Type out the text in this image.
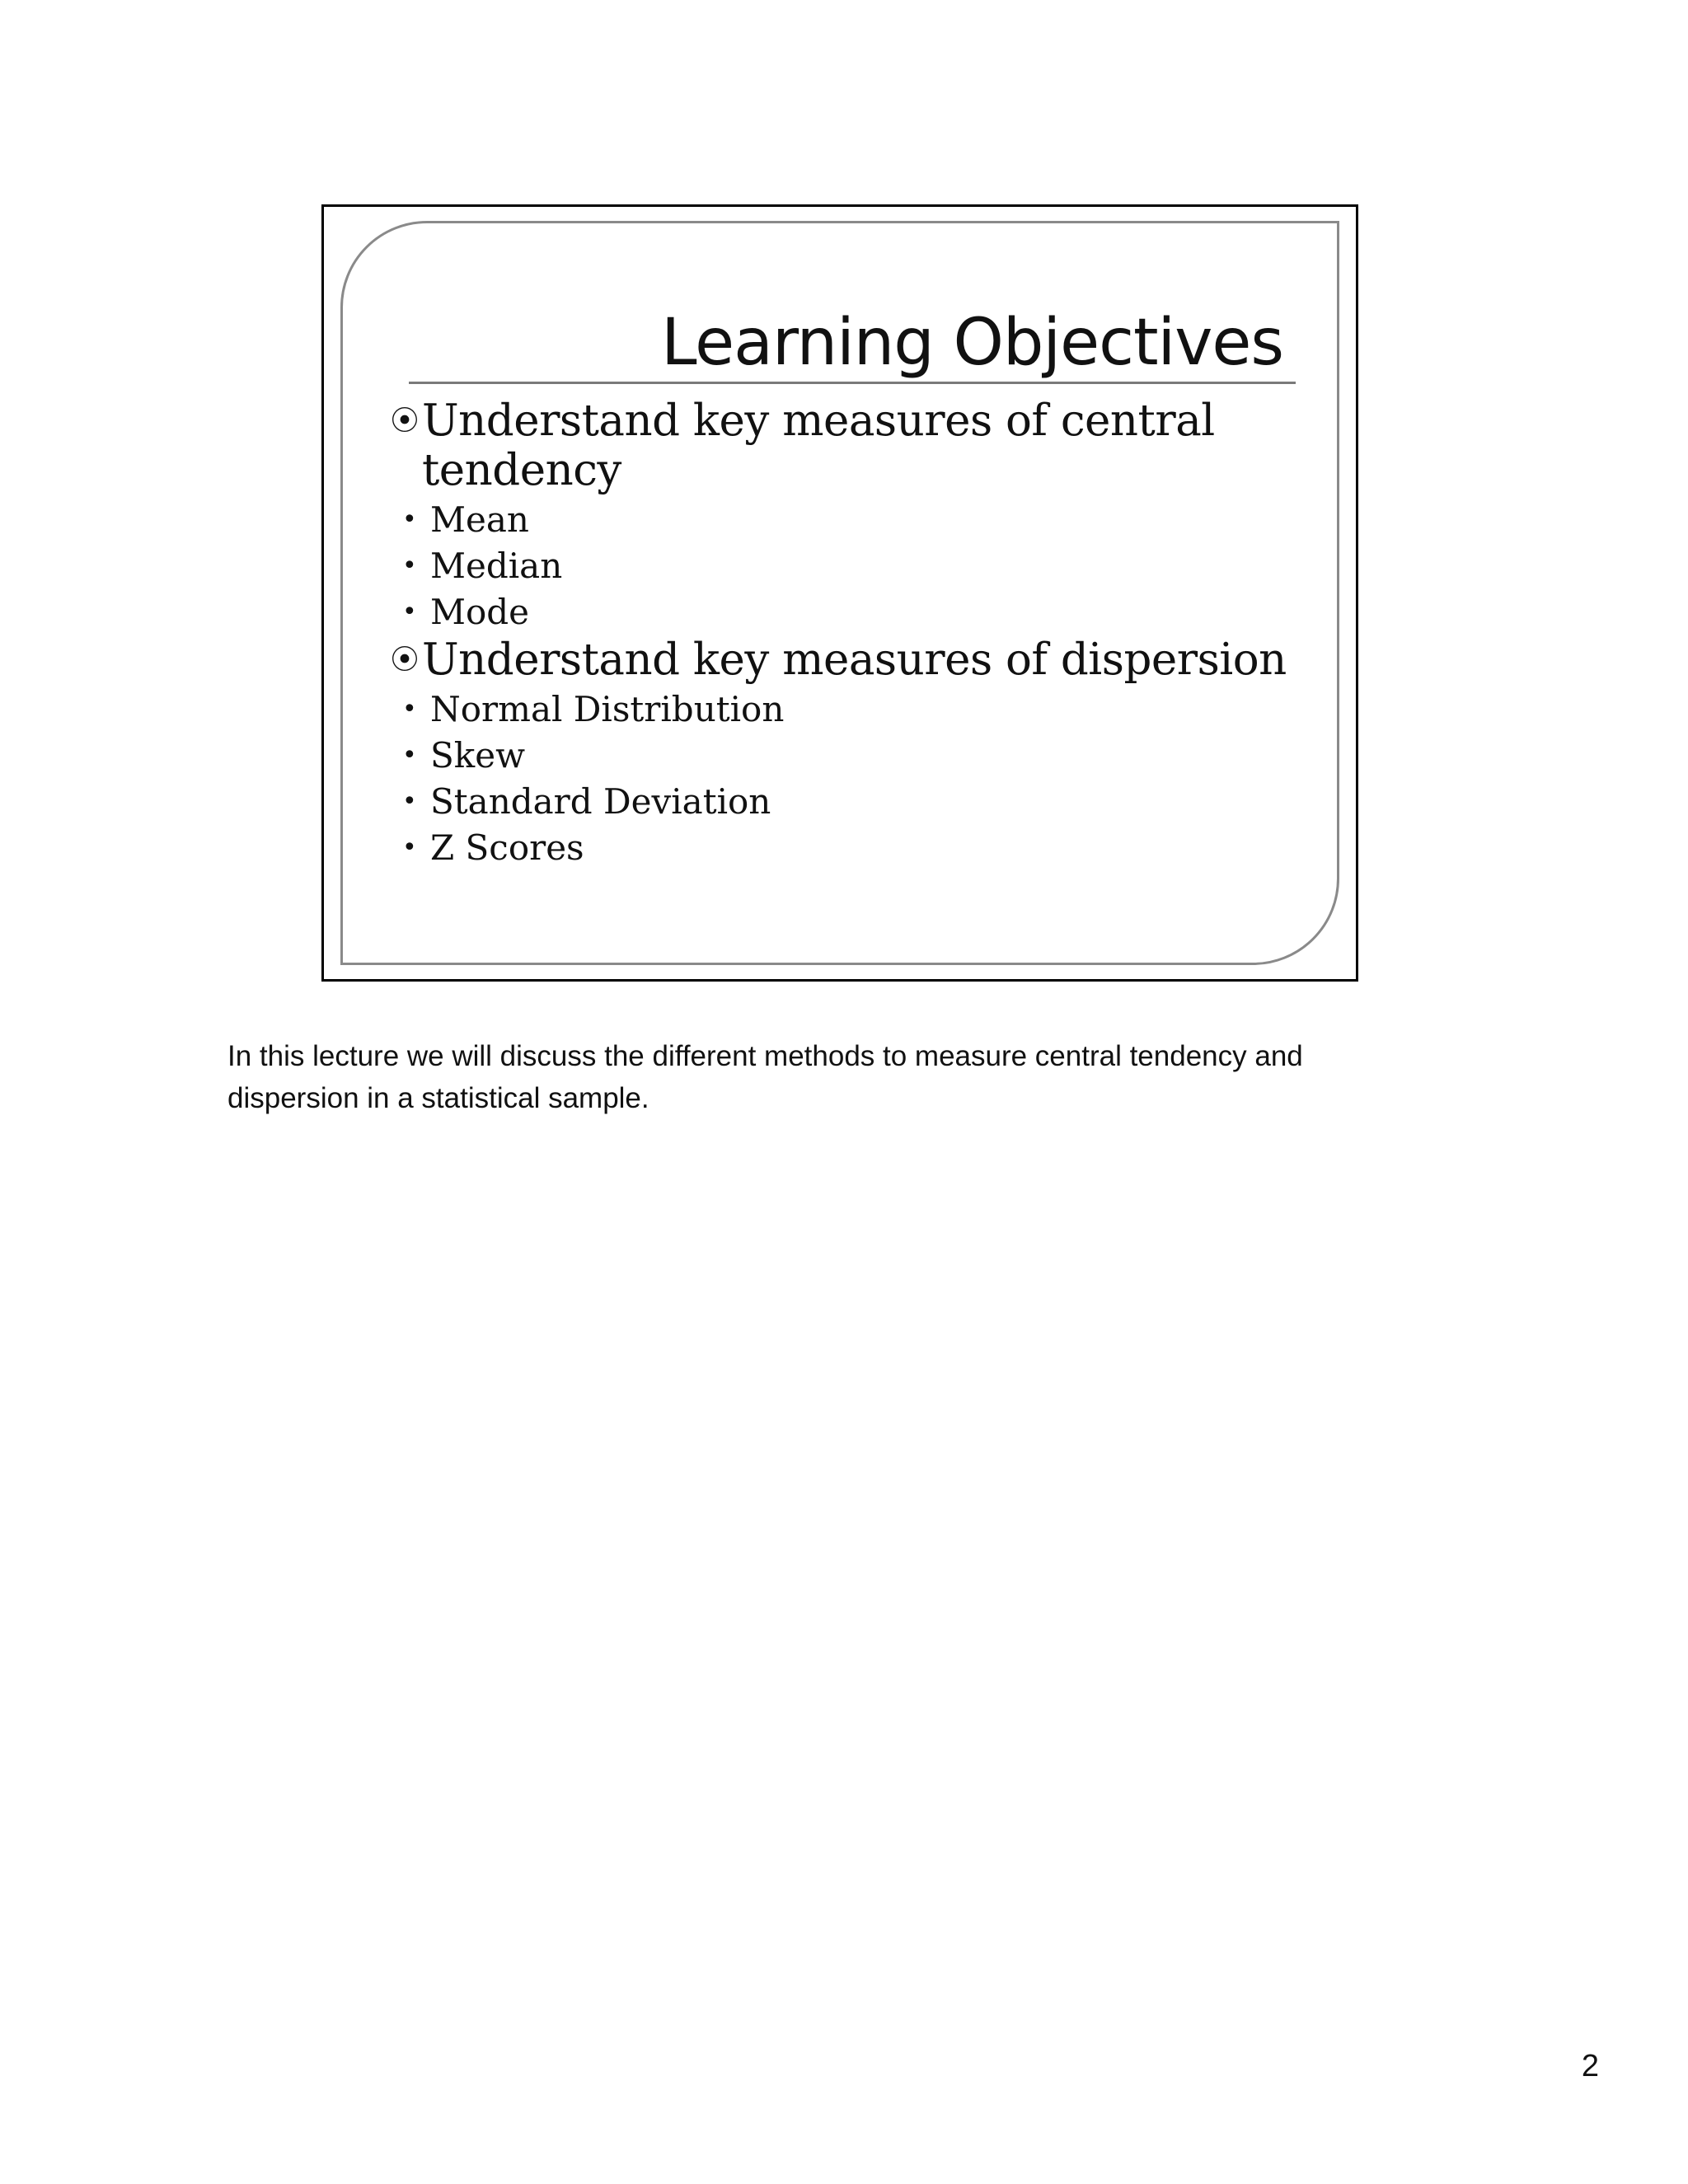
Learning Objectives
⦿ Understand key measures of central tendency
• Mean
• Median
• Mode
⦿ Understand key measures of dispersion
• Normal Distribution
• Skew
• Standard Deviation
• Z Scores

In this lecture we will discuss the different methods to measure central tendency and dispersion in a statistical sample.

2
